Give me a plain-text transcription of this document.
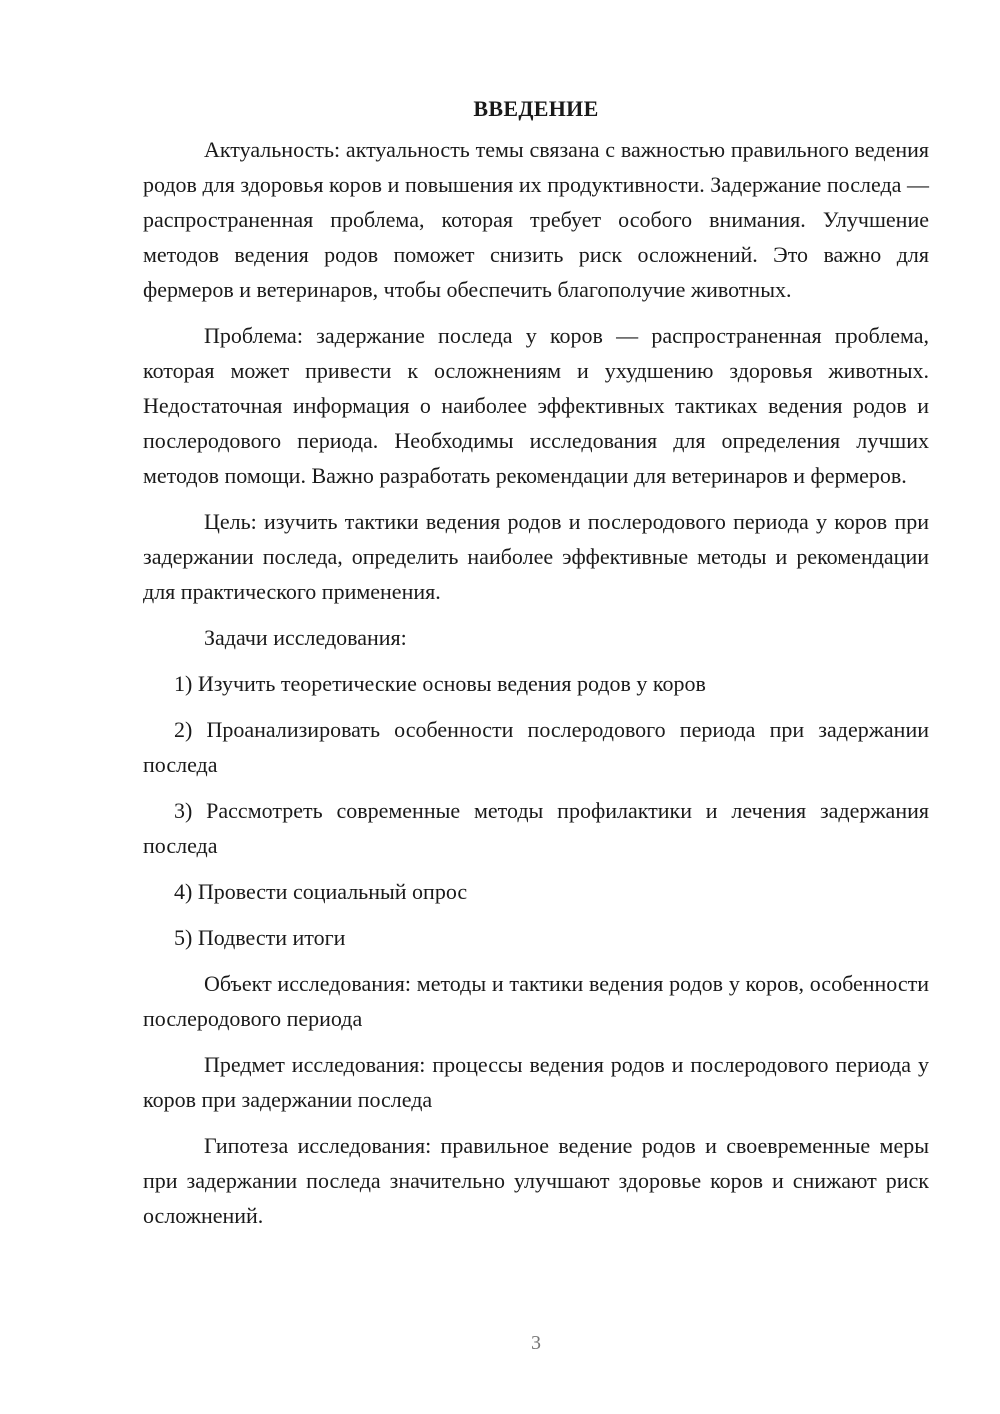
ВВЕДЕНИЕ

Актуальность: актуальность темы связана с важностью правильного ведения родов для здоровья коров и повышения их продуктивности. Задержание последа — распространенная проблема, которая требует особого внимания. Улучшение методов ведения родов поможет снизить риск осложнений. Это важно для фермеров и ветеринаров, чтобы обеспечить благополучие животных.

Проблема: задержание последа у коров — распространенная проблема, которая может привести к осложнениям и ухудшению здоровья животных. Недостаточная информация о наиболее эффективных тактиках ведения родов и послеродового периода. Необходимы исследования для определения лучших методов помощи. Важно разработать рекомендации для ветеринаров и фермеров.

Цель: изучить тактики ведения родов и послеродового периода у коров при задержании последа, определить наиболее эффективные методы и рекомендации для практического применения.

Задачи исследования:

1) Изучить теоретические основы ведения родов у коров

2) Проанализировать особенности послеродового периода при задержании последа

3) Рассмотреть современные методы профилактики и лечения задержания последа

4) Провести социальный опрос

5) Подвести итоги

Объект исследования: методы и тактики ведения родов у коров, особенности послеродового периода

Предмет исследования: процессы ведения родов и послеродового периода у коров при задержании последа

Гипотеза исследования: правильное ведение родов и своевременные меры при задержании последа значительно улучшают здоровье коров и снижают риск осложнений.

3
